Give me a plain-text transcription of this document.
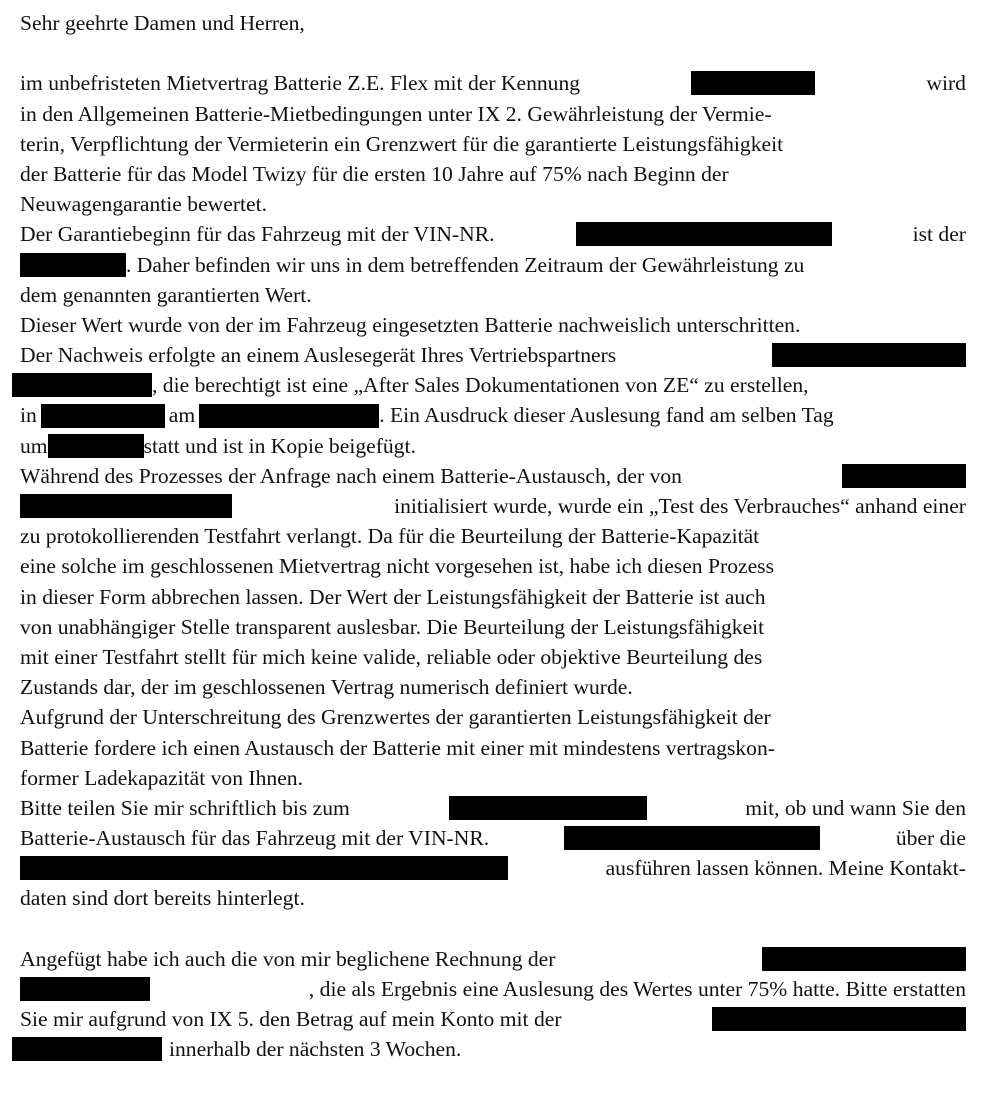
Sehr geehrte Damen und Herren,
im unbefristeten Mietvertrag Batterie Z.E. Flex mit der Kennung	wird
in den Allgemeinen Batterie-Mietbedingungen unter IX 2. Gewährleistung der Vermie-
terin, Verpflichtung der Vermieterin ein Grenzwert für die garantierte Leistungsfähigkeit
der Batterie für das Model Twizy für die ersten 10 Jahre auf 75% nach Beginn der
Neuwagengarantie bewertet.
Der Garantiebeginn für das Fahrzeug mit der VIN-NR.	ist der
. Daher befinden wir uns in dem betreffenden Zeitraum der Gewährleistung zu
dem genannten garantierten Wert.
Dieser Wert wurde von der im Fahrzeug eingesetzten Batterie nachweislich unterschritten.
Der Nachweis erfolgte an einem Auslesegerät Ihres Vertriebspartners
, die berechtigt ist eine „After Sales Dokumentationen von ZE“ zu erstellen,
in	am	. Ein Ausdruck dieser Auslesung fand am selben Tag
um	statt und ist in Kopie beigefügt.
Während des Prozesses der Anfrage nach einem Batterie-Austausch, der von
initialisiert wurde, wurde ein „Test des Verbrauches“ anhand einer
zu protokollierenden Testfahrt verlangt. Da für die Beurteilung der Batterie-Kapazität
eine solche im geschlossenen Mietvertrag nicht vorgesehen ist, habe ich diesen Prozess
in dieser Form abbrechen lassen. Der Wert der Leistungsfähigkeit der Batterie ist auch
von unabhängiger Stelle transparent auslesbar. Die Beurteilung der Leistungsfähigkeit
mit einer Testfahrt stellt für mich keine valide, reliable oder objektive Beurteilung des
Zustands dar, der im geschlossenen Vertrag numerisch definiert wurde.
Aufgrund der Unterschreitung des Grenzwertes der garantierten Leistungsfähigkeit der
Batterie fordere ich einen Austausch der Batterie mit einer mit mindestens vertragskon-
former Ladekapazität von Ihnen.
Bitte teilen Sie mir schriftlich bis zum	mit, ob und wann Sie den
Batterie-Austausch für das Fahrzeug mit der VIN-NR.	über die
ausführen lassen können. Meine Kontakt-
daten sind dort bereits hinterlegt.
Angefügt habe ich auch die von mir beglichene Rechnung der
, die als Ergebnis eine Auslesung des Wertes unter 75% hatte. Bitte erstatten
Sie mir aufgrund von IX 5. den Betrag auf mein Konto mit der
innerhalb der nächsten 3 Wochen.
